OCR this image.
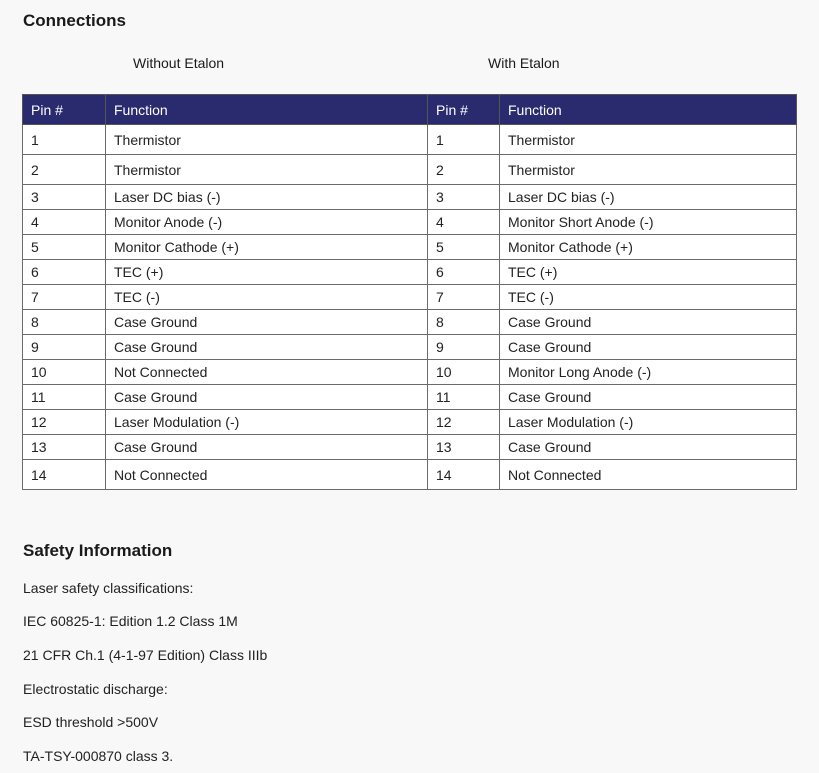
Connections
Without Etalon	With Etalon
Pin #	Function	Pin #	Function
1	Thermistor	1	Thermistor
2	Thermistor	2	Thermistor
3	Laser DC bias (-)	3	Laser DC bias (-)
4	Monitor Anode (-)	4	Monitor Short Anode (-)
5	Monitor Cathode (+)	5	Monitor Cathode (+)
6	TEC (+)	6	TEC (+)
7	TEC (-)	7	TEC (-)
8	Case Ground	8	Case Ground
9	Case Ground	9	Case Ground
10	Not Connected	10	Monitor Long Anode (-)
11	Case Ground	11	Case Ground
12	Laser Modulation (-)	12	Laser Modulation (-)
13	Case Ground	13	Case Ground
14	Not Connected	14	Not Connected
Safety Information
Laser safety classifications:
IEC 60825-1: Edition 1.2 Class 1M
21 CFR Ch.1 (4-1-97 Edition) Class IIIb
Electrostatic discharge:
ESD threshold >500V
TA-TSY-000870 class 3.
